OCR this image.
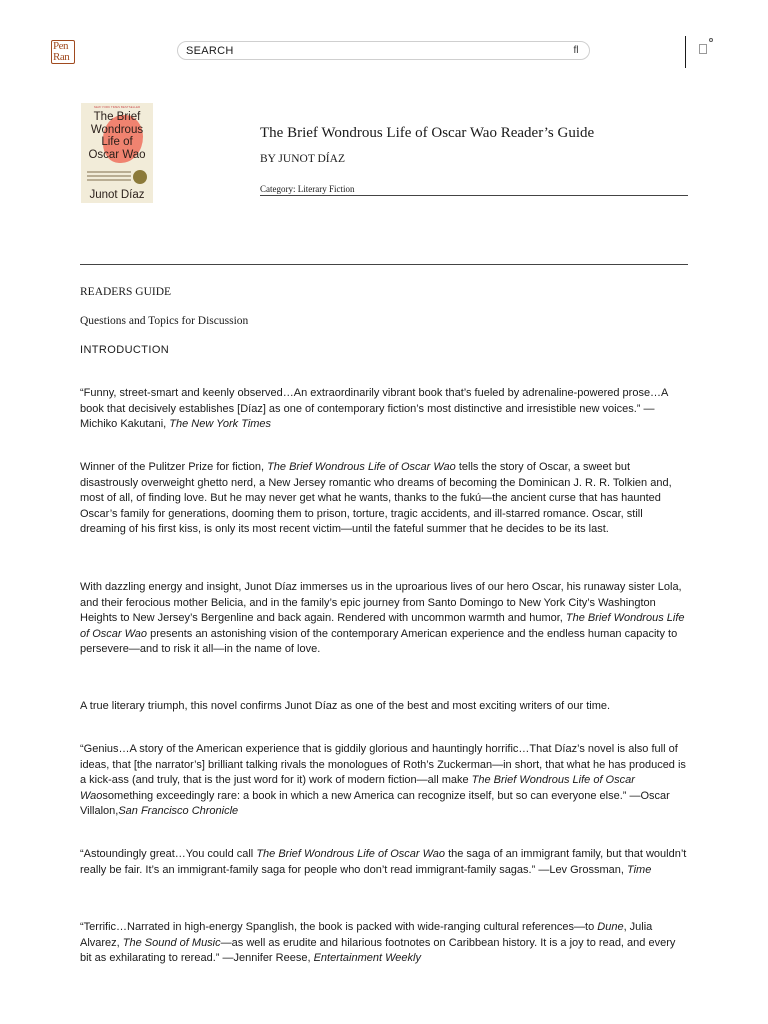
Pen
Ran
SEARCH
fl
NEW YORK TIMES BESTSELLER
The Brief
Wondrous
Life of
Oscar Wao
Junot Díaz
The Brief Wondrous Life of Oscar Wao Reader’s Guide
BY JUNOT DÍAZ
Category: Literary Fiction
READERS GUIDE
Questions and Topics for Discussion
INTRODUCTION

“Funny, street-smart and keenly observed…An extraordinarily vibrant book that’s fueled by adrenaline-powered prose…A book that decisively establishes [Díaz] as one of contemporary fiction’s most distinctive and irresistible new voices.” —Michiko Kakutani, The New York Times

Winner of the Pulitzer Prize for fiction, The Brief Wondrous Life of Oscar Wao tells the story of Oscar, a sweet but disastrously overweight ghetto nerd, a New Jersey romantic who dreams of becoming the Dominican J. R. R. Tolkien and, most of all, of finding love. But he may never get what he wants, thanks to the fukú—the ancient curse that has haunted Oscar’s family for generations, dooming them to prison, torture, tragic accidents, and ill-starred romance. Oscar, still dreaming of his first kiss, is only its most recent victim—until the fateful summer that he decides to be its last.

With dazzling energy and insight, Junot Díaz immerses us in the uproarious lives of our hero Oscar, his runaway sister Lola, and their ferocious mother Belicia, and in the family’s epic journey from Santo Domingo to New York City’s Washington Heights to New Jersey’s Bergenline and back again. Rendered with uncommon warmth and humor, The Brief Wondrous Life of Oscar Wao presents an astonishing vision of the contemporary American experience and the endless human capacity to persevere—and to risk it all—in the name of love.

A true literary triumph, this novel confirms Junot Díaz as one of the best and most exciting writers of our time.

“Genius…A story of the American experience that is giddily glorious and hauntingly horrific…That Díaz’s novel is also full of ideas, that [the narrator’s] brilliant talking rivals the monologues of Roth’s Zuckerman—in short, that what he has produced is a kick-ass (and truly, that is the just word for it) work of modern fiction—all make The Brief Wondrous Life of Oscar Waosomething exceedingly rare: a book in which a new America can recognize itself, but so can everyone else.” —Oscar Villalon,San Francisco Chronicle

“Astoundingly great…You could call The Brief Wondrous Life of Oscar Wao the saga of an immigrant family, but that wouldn’t really be fair. It’s an immigrant-family saga for people who don’t read immigrant-family sagas.” —Lev Grossman, Time

“Terrific…Narrated in high-energy Spanglish, the book is packed with wide-ranging cultural references—to Dune, Julia Alvarez, The Sound of Music—as well as erudite and hilarious footnotes on Caribbean history. It is a joy to read, and every bit as exhilarating to reread.” —Jennifer Reese, Entertainment Weekly
